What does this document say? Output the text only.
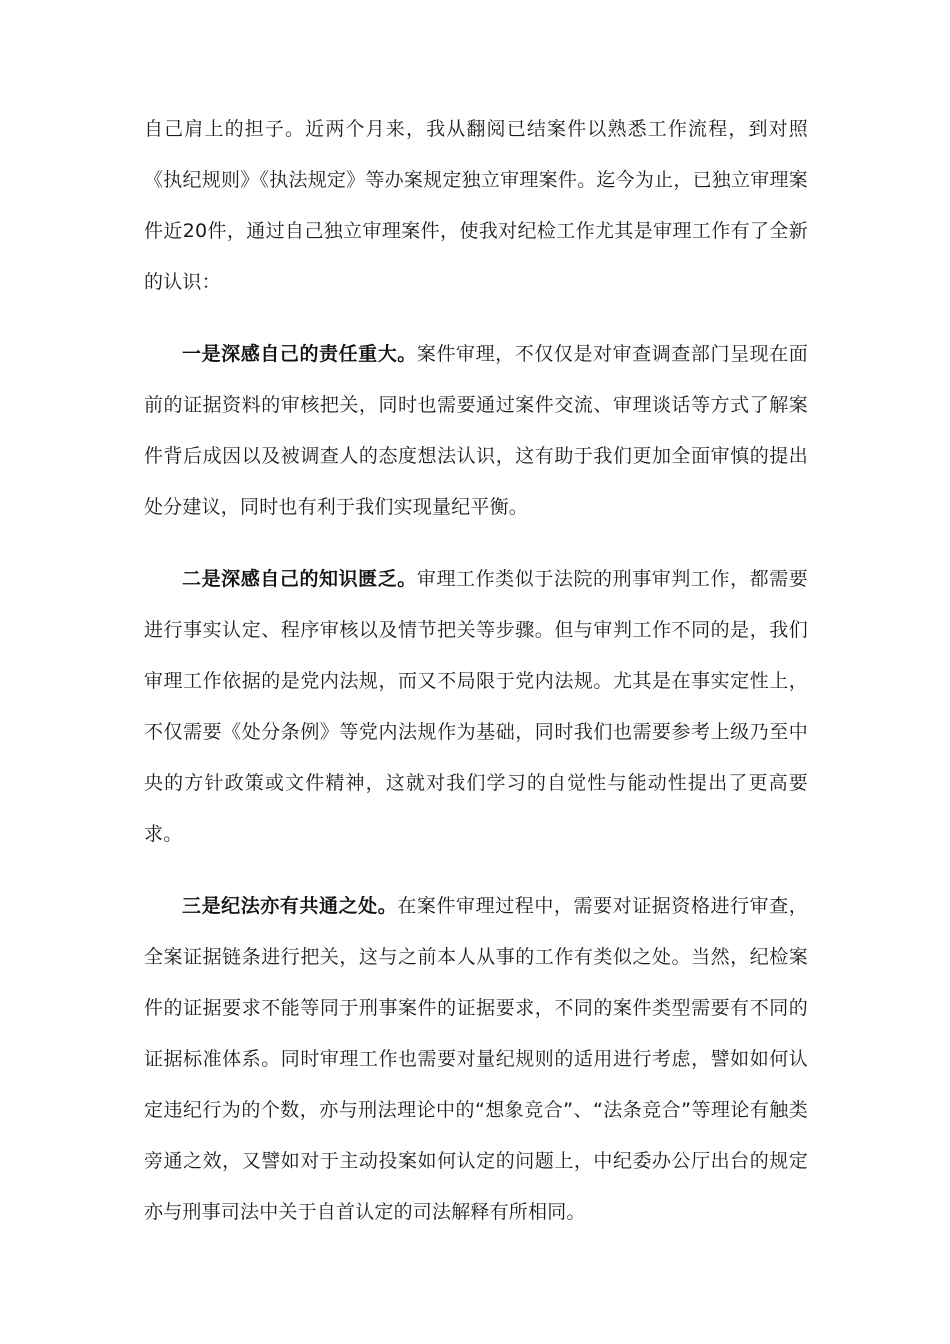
自己肩上的担子。近两个月来，我从翻阅已结案件以熟悉工作流程，到对照《执纪规则》《执法规定》等办案规定独立审理案件。迄今为止，已独立审理案件近20件，通过自己独立审理案件，使我对纪检工作尤其是审理工作有了全新的认识：

一是深感自己的责任重大。案件审理，不仅仅是对审查调查部门呈现在面前的证据资料的审核把关，同时也需要通过案件交流、审理谈话等方式了解案件背后成因以及被调查人的态度想法认识，这有助于我们更加全面审慎的提出处分建议，同时也有利于我们实现量纪平衡。

二是深感自己的知识匮乏。审理工作类似于法院的刑事审判工作，都需要进行事实认定、程序审核以及情节把关等步骤。但与审判工作不同的是，我们审理工作依据的是党内法规，而又不局限于党内法规。尤其是在事实定性上，不仅需要《处分条例》等党内法规作为基础，同时我们也需要参考上级乃至中央的方针政策或文件精神，这就对我们学习的自觉性与能动性提出了更高要求。

三是纪法亦有共通之处。在案件审理过程中，需要对证据资格进行审查，全案证据链条进行把关，这与之前本人从事的工作有类似之处。当然，纪检案件的证据要求不能等同于刑事案件的证据要求，不同的案件类型需要有不同的证据标准体系。同时审理工作也需要对量纪规则的适用进行考虑，譬如如何认定违纪行为的个数，亦与刑法理论中的“想象竞合”、“法条竞合”等理论有触类旁通之效，又譬如对于主动投案如何认定的问题上，中纪委办公厅出台的规定亦与刑事司法中关于自首认定的司法解释有所相同。
